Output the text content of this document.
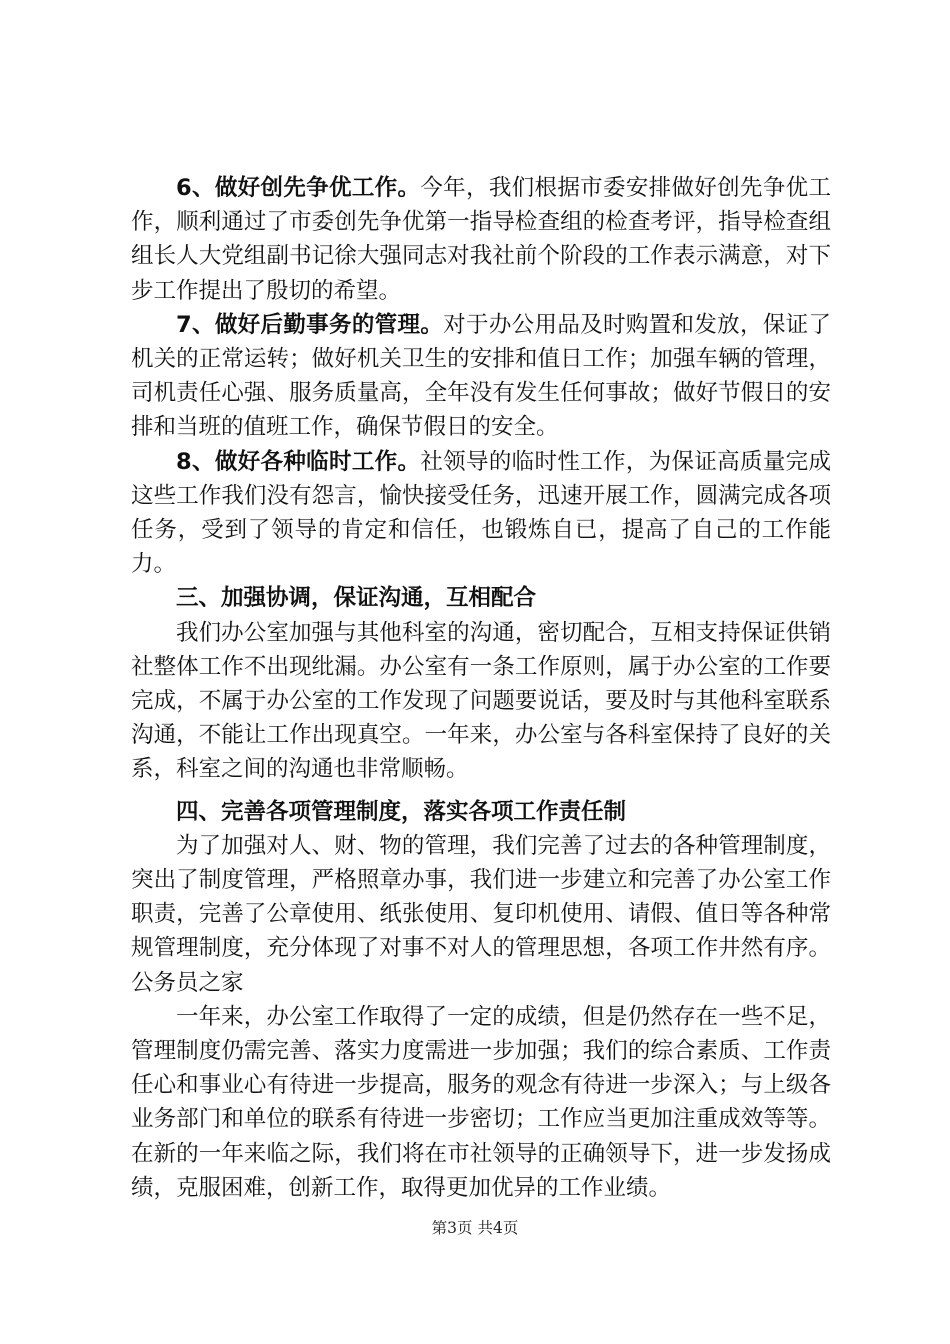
6、做好创先争优工作。今年，我们根据市委安排做好创先争优工作，顺利通过了市委创先争优第一指导检查组的检查考评，指导检查组组长人大党组副书记徐大强同志对我社前个阶段的工作表示满意，对下步工作提出了殷切的希望。

7、做好后勤事务的管理。对于办公用品及时购置和发放，保证了机关的正常运转；做好机关卫生的安排和值日工作；加强车辆的管理，司机责任心强、服务质量高，全年没有发生任何事故；做好节假日的安排和当班的值班工作，确保节假日的安全。

8、做好各种临时工作。社领导的临时性工作，为保证高质量完成这些工作我们没有怨言，愉快接受任务，迅速开展工作，圆满完成各项任务，受到了领导的肯定和信任，也锻炼自已，提高了自己的工作能力。

三、加强协调，保证沟通，互相配合

我们办公室加强与其他科室的沟通，密切配合，互相支持保证供销社整体工作不出现纰漏。办公室有一条工作原则，属于办公室的工作要完成，不属于办公室的工作发现了问题要说话，要及时与其他科室联系沟通，不能让工作出现真空。一年来，办公室与各科室保持了良好的关系，科室之间的沟通也非常顺畅。

四、完善各项管理制度，落实各项工作责任制

为了加强对人、财、物的管理，我们完善了过去的各种管理制度，突出了制度管理，严格照章办事，我们进一步建立和完善了办公室工作职责，完善了公章使用、纸张使用、复印机使用、请假、值日等各种常规管理制度，充分体现了对事不对人的管理思想，各项工作井然有序。公务员之家

一年来，办公室工作取得了一定的成绩，但是仍然存在一些不足，管理制度仍需完善、落实力度需进一步加强；我们的综合素质、工作责任心和事业心有待进一步提高，服务的观念有待进一步深入；与上级各业务部门和单位的联系有待进一步密切；工作应当更加注重成效等等。在新的一年来临之际，我们将在市社领导的正确领导下，进一步发扬成绩，克服困难，创新工作，取得更加优异的工作业绩。

第3页 共4页
